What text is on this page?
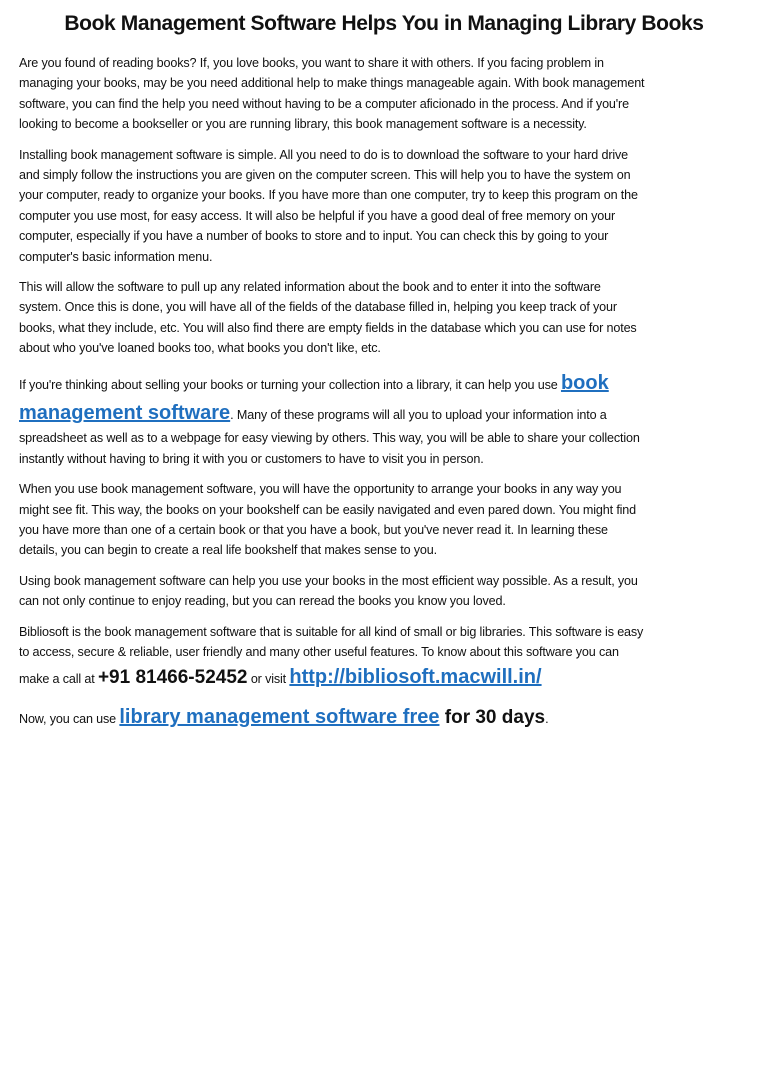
Book Management Software Helps You in Managing Library Books
Are you found of reading books? If, you love books, you want to share it with others. If you facing problem in
managing your books, may be you need additional help to make things manageable again. With book management
software, you can find the help you need without having to be a computer aficionado in the process. And if you're
looking to become a bookseller or you are running library, this book management software is a necessity.
Installing book management software is simple. All you need to do is to download the software to your hard drive
and simply follow the instructions you are given on the computer screen. This will help you to have the system on
your computer, ready to organize your books. If you have more than one computer, try to keep this program on the
computer you use most, for easy access. It will also be helpful if you have a good deal of free memory on your
computer, especially if you have a number of books to store and to input. You can check this by going to your
computer's basic information menu.
This will allow the software to pull up any related information about the book and to enter it into the software
system. Once this is done, you will have all of the fields of the database filled in, helping you keep track of your
books, what they include, etc. You will also find there are empty fields in the database which you can use for notes
about who you've loaned books too, what books you don't like, etc.
If you're thinking about selling your books or turning your collection into a library, it can help you use book
management software. Many of these programs will all you to upload your information into a
spreadsheet as well as to a webpage for easy viewing by others. This way, you will be able to share your collection
instantly without having to bring it with you or customers to have to visit you in person.
When you use book management software, you will have the opportunity to arrange your books in any way you
might see fit. This way, the books on your bookshelf can be easily navigated and even pared down. You might find
you have more than one of a certain book or that you have a book, but you've never read it. In learning these
details, you can begin to create a real life bookshelf that makes sense to you.
Using book management software can help you use your books in the most efficient way possible. As a result, you
can not only continue to enjoy reading, but you can reread the books you know you loved.
Bibliosoft is the book management software that is suitable for all kind of small or big libraries. This software is easy
to access, secure & reliable, user friendly and many other useful features. To know about this software you can
make a call at +91 81466-52452 or visit http://bibliosoft.macwill.in/
Now, you can use library management software free for 30 days.
